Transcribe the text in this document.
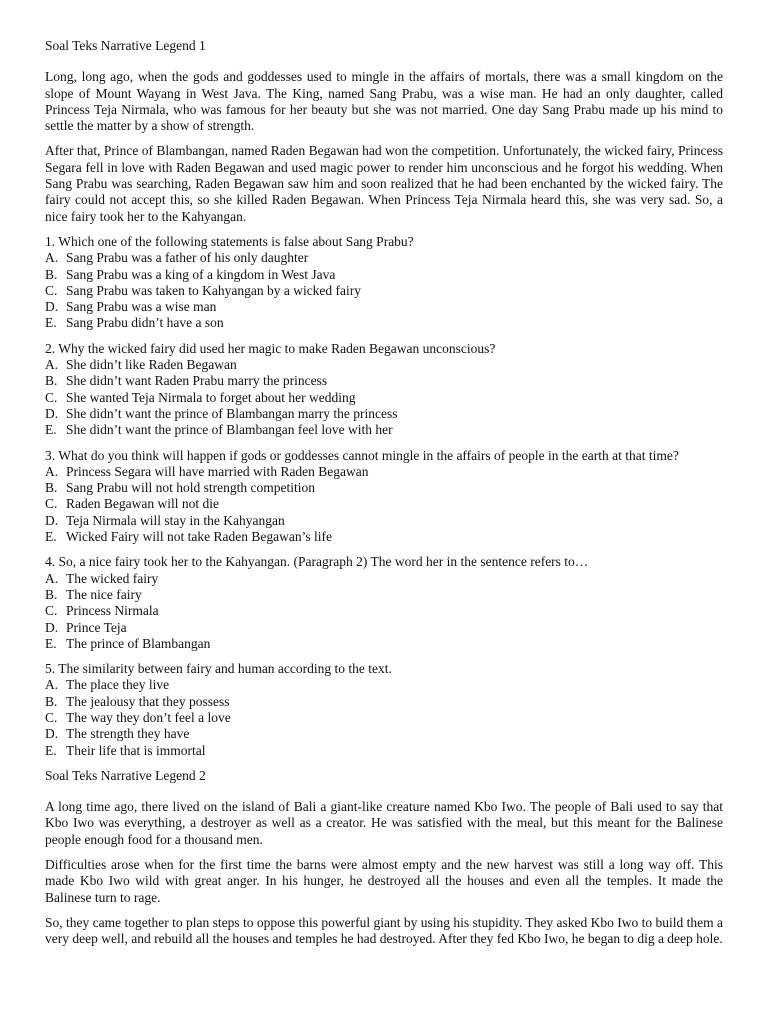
Soal Teks Narrative Legend 1

Long, long ago, when the gods and goddesses used to mingle in the affairs of mortals, there was a small kingdom on the slope of Mount Wayang in West Java. The King, named Sang Prabu, was a wise man. He had an only daughter, called Princess Teja Nirmala, who was famous for her beauty but she was not married. One day Sang Prabu made up his mind to settle the matter by a show of strength.

After that, Prince of Blambangan, named Raden Begawan had won the competition. Unfortunately, the wicked fairy, Princess Segara fell in love with Raden Begawan and used magic power to render him unconscious and he forgot his wedding. When Sang Prabu was searching, Raden Begawan saw him and soon realized that he had been enchanted by the wicked fairy. The fairy could not accept this, so she killed Raden Begawan. When Princess Teja Nirmala heard this, she was very sad. So, a nice fairy took her to the Kahyangan.

1. Which one of the following statements is false about Sang Prabu?
A. Sang Prabu was a father of his only daughter
B. Sang Prabu was a king of a kingdom in West Java
C. Sang Prabu was taken to Kahyangan by a wicked fairy
D. Sang Prabu was a wise man
E. Sang Prabu didn’t have a son
2. Why the wicked fairy did used her magic to make Raden Begawan unconscious?
A. She didn’t like Raden Begawan
B. She didn’t want Raden Prabu marry the princess
C. She wanted Teja Nirmala to forget about her wedding
D. She didn’t want the prince of Blambangan marry the princess
E. She didn’t want the prince of Blambangan feel love with her
3. What do you think will happen if gods or goddesses cannot mingle in the affairs of people in the earth at that time?
A. Princess Segara will have married with Raden Begawan
B. Sang Prabu will not hold strength competition
C. Raden Begawan will not die
D. Teja Nirmala will stay in the Kahyangan
E. Wicked Fairy will not take Raden Begawan’s life
4. So, a nice fairy took her to the Kahyangan. (Paragraph 2) The word her in the sentence refers to…
A. The wicked fairy
B. The nice fairy
C. Princess Nirmala
D. Prince Teja
E. The prince of Blambangan
5. The similarity between fairy and human according to the text.
A. The place they live
B. The jealousy that they possess
C. The way they don’t feel a love
D. The strength they have
E. Their life that is immortal
Soal Teks Narrative Legend 2

A long time ago, there lived on the island of Bali a giant-like creature named Kbo Iwo. The people of Bali used to say that Kbo Iwo was everything, a destroyer as well as a creator. He was satisfied with the meal, but this meant for the Balinese people enough food for a thousand men.

Difficulties arose when for the first time the barns were almost empty and the new harvest was still a long way off. This made Kbo Iwo wild with great anger. In his hunger, he destroyed all the houses and even all the temples. It made the Balinese turn to rage.

So, they came together to plan steps to oppose this powerful giant by using his stupidity. They asked Kbo Iwo to build them a very deep well, and rebuild all the houses and temples he had destroyed. After they fed Kbo Iwo, he began to dig a deep hole.
